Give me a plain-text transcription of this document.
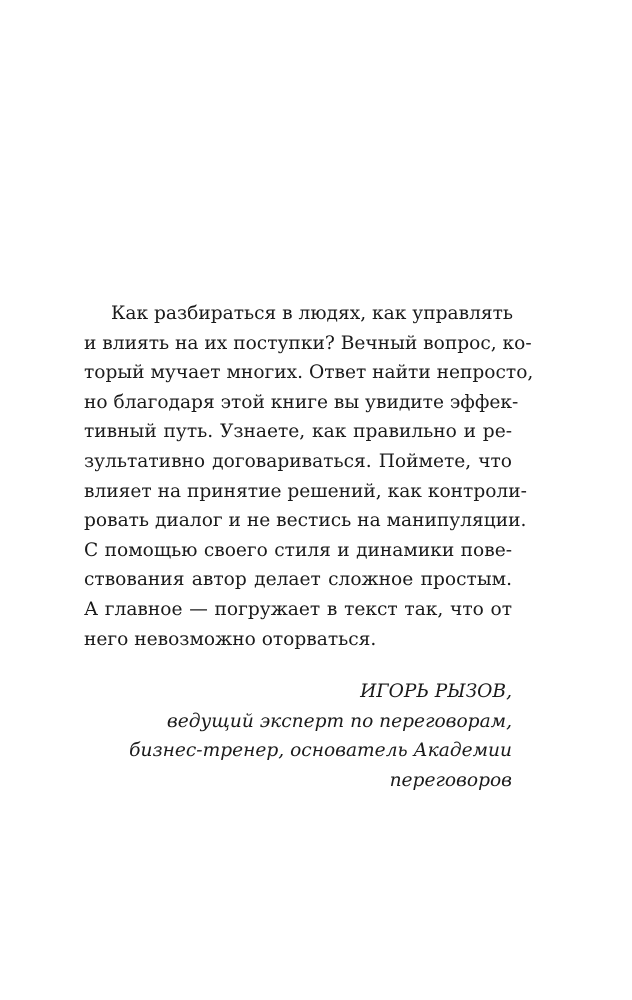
Как разбираться в людях, как управлять
и влиять на их поступки? Вечный вопрос, ко-
торый мучает многих. Ответ найти непросто,
но благодаря этой книге вы увидите эффек-
тивный путь. Узнаете, как правильно и ре-
зультативно договариваться. Поймете, что
влияет на принятие решений, как контроли-
ровать диалог и не вестись на манипуляции.
С помощью своего стиля и динамики пове-
ствования автор делает сложное простым.
А главное — погружает в текст так, что от
него невозможно оторваться.
ИГОРЬ РЫЗОВ,
ведущий эксперт по переговорам,
бизнес-тренер, основатель Академии
переговоров
